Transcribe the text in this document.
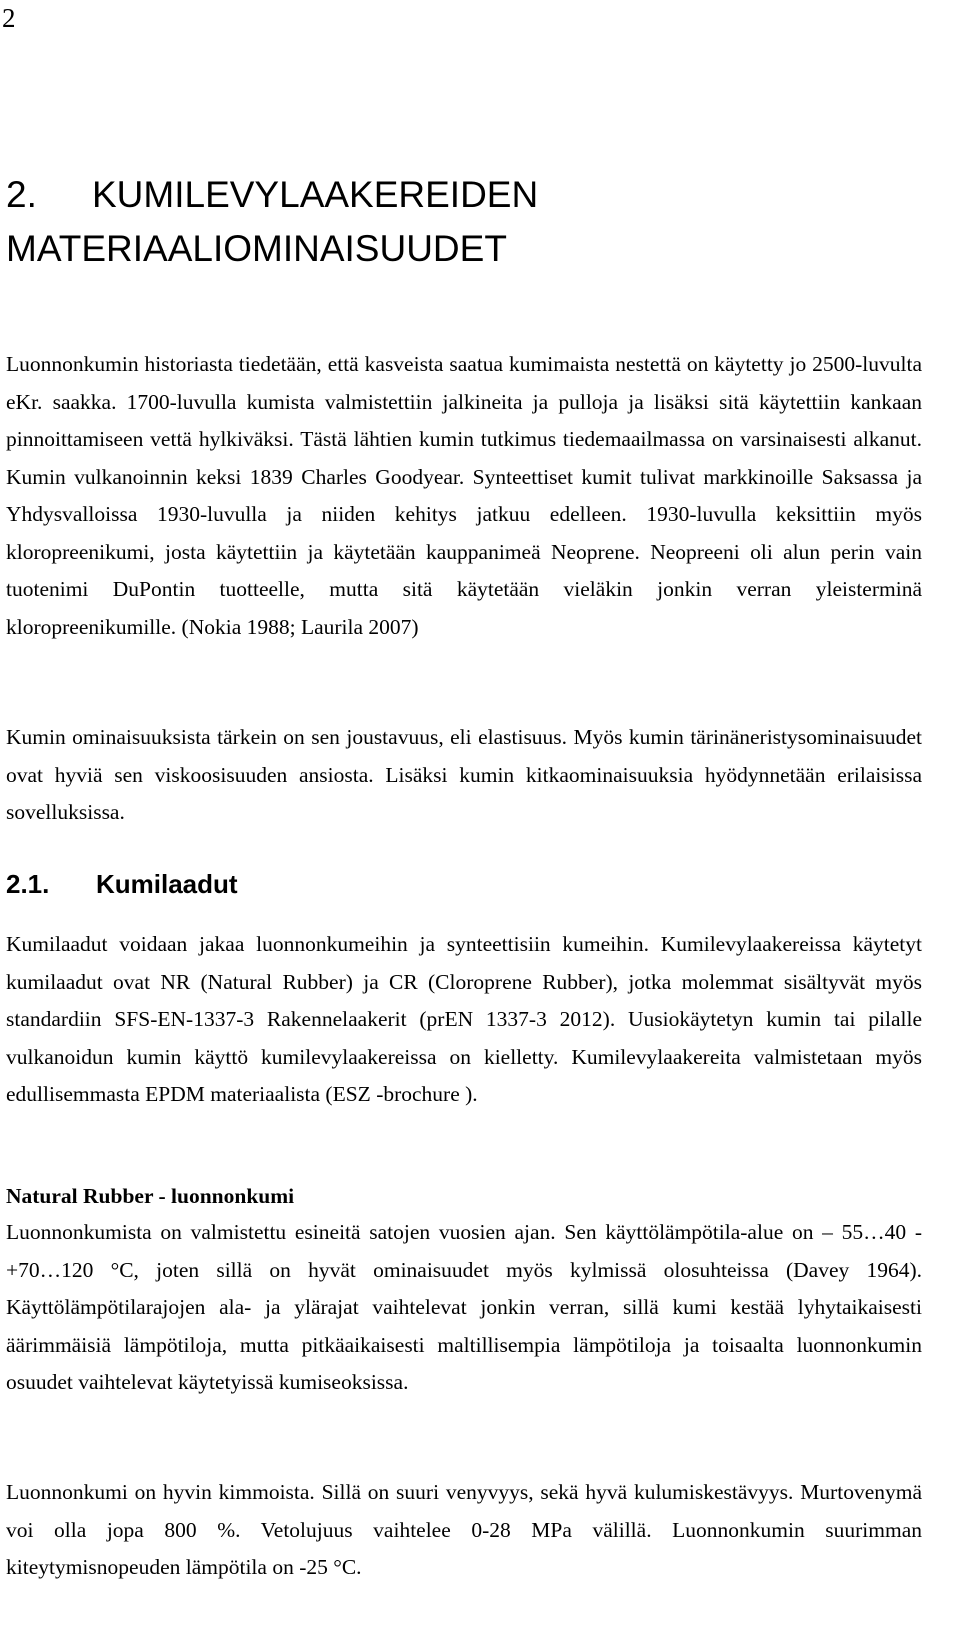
2
2. KUMILEVYLAAKEREIDEN MATERIAALIOMINAISUUDET

Luonnonkumin historiasta tiedetään, että kasveista saatua kumimaista nestettä on käytetty jo 2500-luvulta eKr. saakka. 1700-luvulla kumista valmistettiin jalkineita ja pulloja ja lisäksi sitä käytettiin kankaan pinnoittamiseen vettä hylkiväksi. Tästä lähtien kumin tutkimus tiedemaailmassa on varsinaisesti alkanut. Kumin vulkanoinnin keksi 1839 Charles Goodyear. Synteettiset kumit tulivat markkinoille Saksassa ja Yhdysvalloissa 1930-luvulla ja niiden kehitys jatkuu edelleen. 1930-luvulla keksittiin myös kloropreenikumi, josta käytettiin ja käytetään kauppanimeä Neoprene. Neopreeni oli alun perin vain tuotenimi DuPontin tuotteelle, mutta sitä käytetään vieläkin jonkin verran yleisterminä kloropreenikumille. (Nokia 1988; Laurila 2007)

Kumin ominaisuuksista tärkein on sen joustavuus, eli elastisuus. Myös kumin tärinäneristysominaisuudet ovat hyviä sen viskoosisuuden ansiosta. Lisäksi kumin kitkaominaisuuksia hyödynnetään erilaisissa sovelluksissa.

2.1. Kumilaadut

Kumilaadut voidaan jakaa luonnonkumeihin ja synteettisiin kumeihin. Kumilevylaakereissa käytetyt kumilaadut ovat NR (Natural Rubber) ja CR (Cloroprene Rubber), jotka molemmat sisältyvät myös standardiin SFS-EN-1337-3 Rakennelaakerit (prEN 1337-3 2012). Uusiokäytetyn kumin tai pilalle vulkanoidun kumin käyttö kumilevylaakereissa on kielletty. Kumilevylaakereita valmistetaan myös edullisemmasta EPDM materiaalista (ESZ -brochure ).

Natural Rubber - luonnonkumi

Luonnonkumista on valmistettu esineitä satojen vuosien ajan. Sen käyttölämpötila-alue on – 55…40 - +70…120 °C, joten sillä on hyvät ominaisuudet myös kylmissä olosuhteissa (Davey 1964). Käyttölämpötilarajojen ala- ja ylärajat vaihtelevat jonkin verran, sillä kumi kestää lyhytaikaisesti äärimmäisiä lämpötiloja, mutta pitkäaikaisesti maltillisempia lämpötiloja ja toisaalta luonnonkumin osuudet vaihtelevat käytetyissä kumiseoksissa.

Luonnonkumi on hyvin kimmoista. Sillä on suuri venyvyys, sekä hyvä kulumiskestävyys. Murtovenymä voi olla jopa 800 %. Vetolujuus vaihtelee 0-28 MPa välillä. Luonnonkumin suurimman kiteytymisnopeuden lämpötila on -25 °C.
